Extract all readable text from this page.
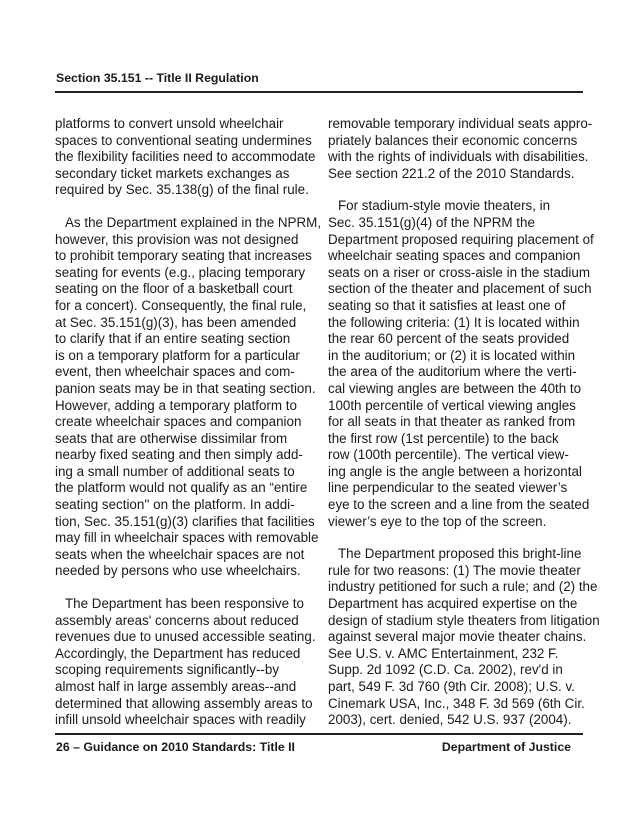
Section 35.151 -- Title II Regulation
platforms to convert unsold wheelchair
spaces to conventional seating undermines
the flexibility facilities need to accommodate
secondary ticket markets exchanges as
required by Sec. 35.138(g) of the final rule.
As the Department explained in the NPRM,
however, this provision was not designed
to prohibit temporary seating that increases
seating for events (e.g., placing temporary
seating on the floor of a basketball court
for a concert). Consequently, the final rule,
at Sec. 35.151(g)(3), has been amended
to clarify that if an entire seating section
is on a temporary platform for a particular
event, then wheelchair spaces and com-
panion seats may be in that seating section.
However, adding a temporary platform to
create wheelchair spaces and companion
seats that are otherwise dissimilar from
nearby fixed seating and then simply add-
ing a small number of additional seats to
the platform would not qualify as an “entire
seating section'' on the platform. In addi-
tion, Sec. 35.151(g)(3) clarifies that facilities
may fill in wheelchair spaces with removable
seats when the wheelchair spaces are not
needed by persons who use wheelchairs.
The Department has been responsive to
assembly areas' concerns about reduced
revenues due to unused accessible seating.
Accordingly, the Department has reduced
scoping requirements significantly--by
almost half in large assembly areas--and
determined that allowing assembly areas to
infill unsold wheelchair spaces with readily
removable temporary individual seats appro-
priately balances their economic concerns
with the rights of individuals with disabilities.
See section 221.2 of the 2010 Standards.
For stadium-style movie theaters, in
Sec. 35.151(g)(4) of the NPRM the
Department proposed requiring placement of
wheelchair seating spaces and companion
seats on a riser or cross-aisle in the stadium
section of the theater and placement of such
seating so that it satisfies at least one of
the following criteria: (1) It is located within
the rear 60 percent of the seats provided
in the auditorium; or (2) it is located within
the area of the auditorium where the verti-
cal viewing angles are between the 40th to
100th percentile of vertical viewing angles
for all seats in that theater as ranked from
the first row (1st percentile) to the back
row (100th percentile). The vertical view-
ing angle is the angle between a horizontal
line perpendicular to the seated viewer’s
eye to the screen and a line from the seated
viewer’s eye to the top of the screen.
The Department proposed this bright-line
rule for two reasons: (1) The movie theater
industry petitioned for such a rule; and (2) the
Department has acquired expertise on the
design of stadium style theaters from litigation
against several major movie theater chains.
See U.S. v. AMC Entertainment, 232 F.
Supp. 2d 1092 (C.D. Ca. 2002), rev'd in
part, 549 F. 3d 760 (9th Cir. 2008); U.S. v.
Cinemark USA, Inc., 348 F. 3d 569 (6th Cir.
2003), cert. denied, 542 U.S. 937 (2004).
26 – Guidance on 2010 Standards: Title II	Department of Justice
